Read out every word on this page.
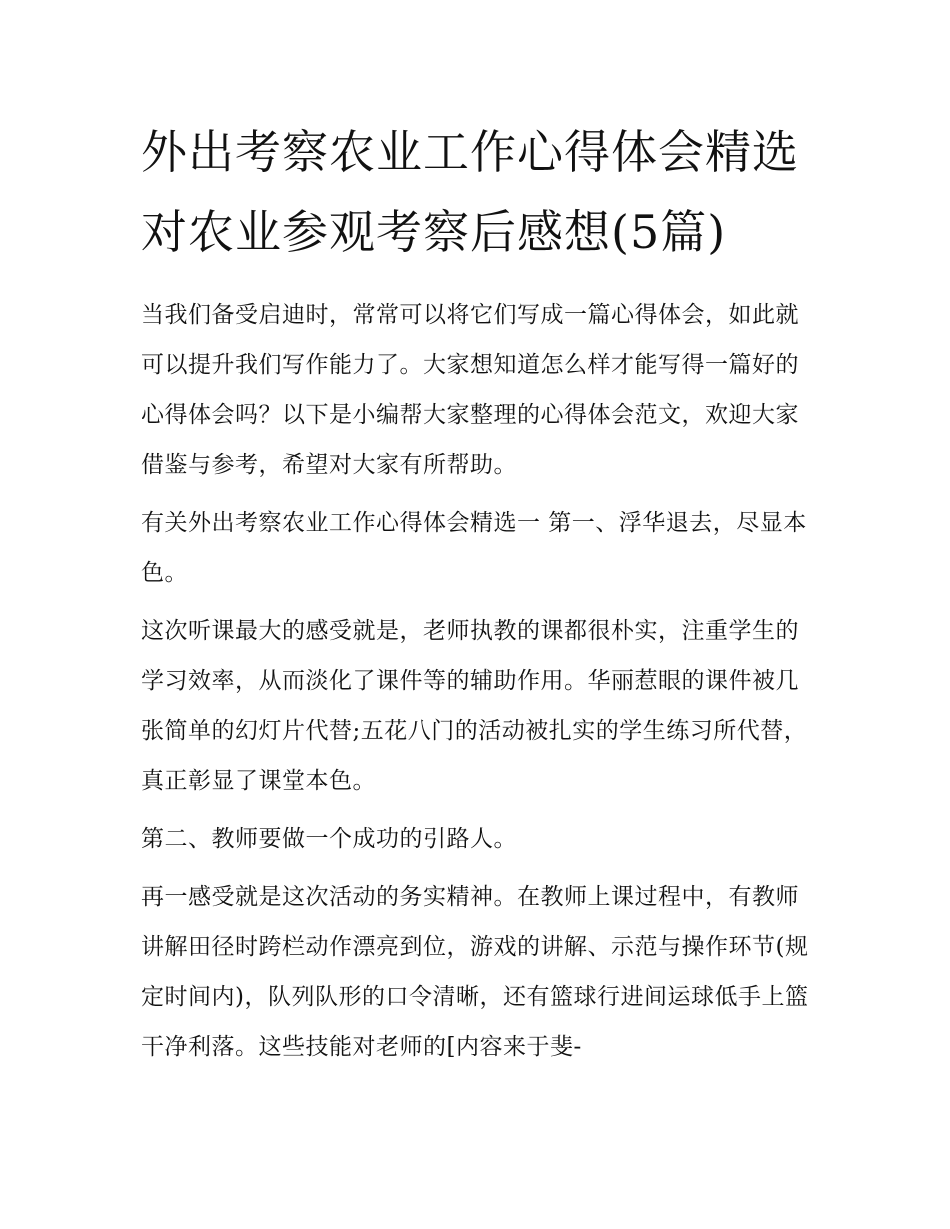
外出考察农业工作心得体会精选 对农业参观考察后感想(5篇)

当我们备受启迪时，常常可以将它们写成一篇心得体会，如此就可以提升我们写作能力了。大家想知道怎么样才能写得一篇好的心得体会吗？以下是小编帮大家整理的心得体会范文，欢迎大家借鉴与参考，希望对大家有所帮助。

有关外出考察农业工作心得体会精选一 第一、浮华退去，尽显本色。

这次听课最大的感受就是，老师执教的课都很朴实，注重学生的学习效率，从而淡化了课件等的辅助作用。华丽惹眼的课件被几张简单的幻灯片代替;五花八门的活动被扎实的学生练习所代替，真正彰显了课堂本色。

第二、教师要做一个成功的引路人。

再一感受就是这次活动的务实精神。在教师上课过程中，有教师讲解田径时跨栏动作漂亮到位，游戏的讲解、示范与操作环节(规定时间内)，队列队形的口令清晰，还有篮球行进间运球低手上篮干净利落。这些技能对老师的[内容来于斐-
